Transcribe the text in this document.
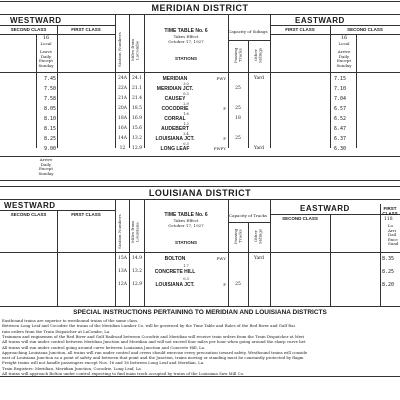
MERIDIAN DISTRICT
WESTWARD	EASTWARD
SECOND CLASS	FIRST CLASS	FIRST CLASS	SECOND CLASS
16
Local
Leave
Daily
Except
Sunday
16
Local
Arrive
Daily
Except
Sunday
Station Numbers	Miles from LaCombe
TIME TABLE No. 6
Takes Effect
October 17, 1927
STATIONS
Capacity of Sidings
Passing Tracks	Other Sidings
7.45	24A	24.1	MERIDIAN	PWY	Yard	7.15
7.50	22A	21.1	MERIDIAN JCT.	25	7.10
3.0
7.58	21A	21.4	CAUSEY	7.04
0.3
8.05	20A	18.5	COCODRIE	P	25	6.57
2.9
8.10	18A	16.9	CORRAL	18	6.52
1.6
8.15	16A	15.6	AUDEBERT	6.47
1.3
8.25	14A	13.2	LOUISIANA JCT.	P	25	6.37
2.4
9.00	12	12.9	LONG LEAF	PWFY	Yard	6.30
0.3
Arrive
Daily
Except
Sunday
LOUISIANA DISTRICT
WESTWARD	EASTWARD
SECOND CLASS	FIRST CLASS
SECOND CLASS
FIRST CLASS
118
Lo
Arri
Dail
Exce
Sund
Station Numbers	Miles from Louisiana
TIME TABLE No. 6
Takes Effect
October 17, 1927
STATIONS
Capacity of Tracks
Passing Tracks	Other Sidings
15A	14.9	BOLTON	PWY	Yard	8.35
13A	13.2	CONCRETE HILL	8.25
1.7
12A	12.9	LOUISIANA JCT.	P	25	8.20
0.3
SPECIAL INSTRUCTIONS PERTAINING TO MERIDIAN AND LOUISIANA DISTRICTS
Eastbound trains are superior to westbound trains of the same class.
Between Long Leaf and Cocodrie the trains of the Meridian Lumber Co. will be governed by the Time Table and Rules of the Red River and Gulf Rai
rain orders from the Train Dispatcher at LaCombe, La.
Trainmen and enginemen of the Red River and Gulf Railroad between Cocodrie and Meridian will receive train orders from the Train Dispatcher at Meri
All trains will run under control between Meridian Junction and Meridian and will not exceed four miles per hour when going around the sharp curve bet
All trains will run under control going around curve between Louisiana Junction and Concrete Hill, La.
Approaching Louisiana Junction, all trains will run under control and crews should exercise every precaution toward safety. Westbound trains will conside
east of Louisiana Junction as a point of safety and between that point and the Junction, trains moving or standing must be constantly protected by flagm
Freight trains will not handle passengers except Nos. 16 and 16 between Long Leaf and Meridian, La.
Train Registers: Meridian, Meridian Junction, Cocodrie, Long Leaf, La.
All trains will approach Bolton under control expecting to find main track occupied by trains of the Louisiana Saw Mill Co.
